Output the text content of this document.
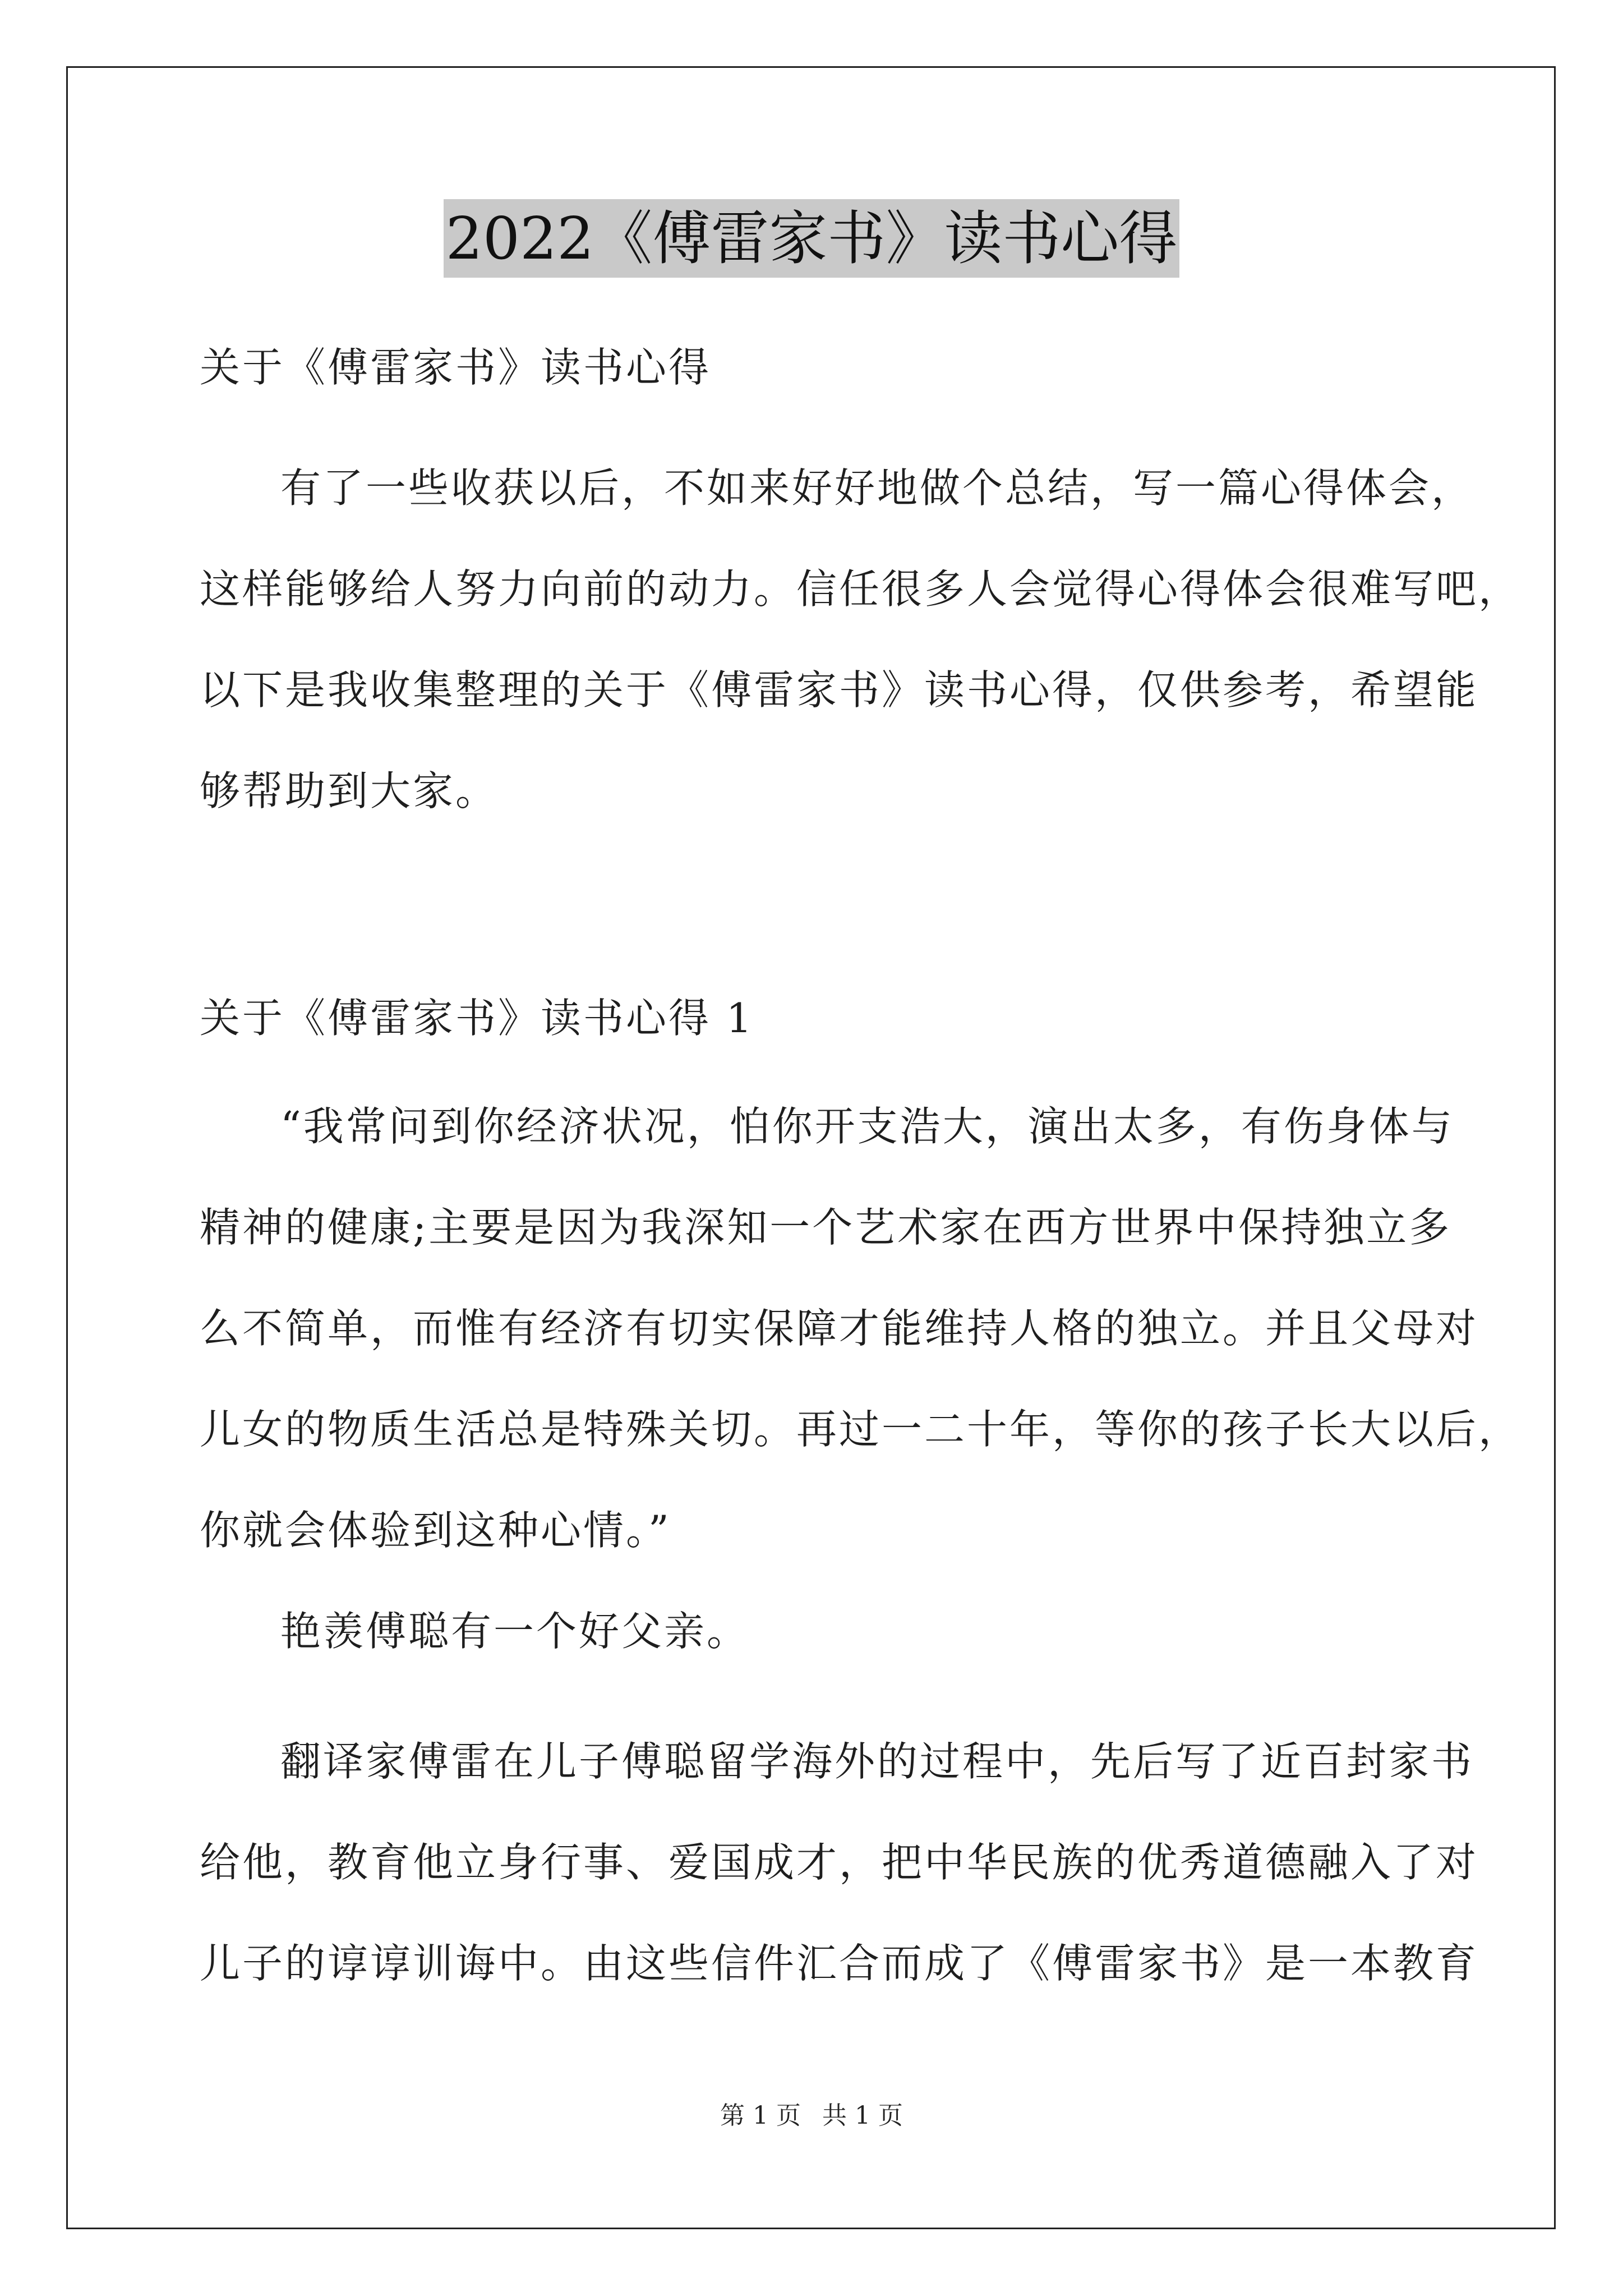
2022《傅雷家书》读书心得
关于《傅雷家书》读书心得
有了一些收获以后，不如来好好地做个总结，写一篇心得体会，
这样能够给人努力向前的动力。信任很多人会觉得心得体会很难写吧，
以下是我收集整理的关于《傅雷家书》读书心得，仅供参考，希望能
够帮助到大家。
关于《傅雷家书》读书心得 1
“我常问到你经济状况，怕你开支浩大，演出太多，有伤身体与
精神的健康;主要是因为我深知一个艺术家在西方世界中保持独立多
么不简单，而惟有经济有切实保障才能维持人格的独立。并且父母对
儿女的物质生活总是特殊关切。再过一二十年，等你的孩子长大以后，
你就会体验到这种心情。”
艳羡傅聪有一个好父亲。
翻译家傅雷在儿子傅聪留学海外的过程中，先后写了近百封家书
给他，教育他立身行事、爱国成才，把中华民族的优秀道德融入了对
儿子的谆谆训诲中。由这些信件汇合而成了《傅雷家书》是一本教育
第 1 页 共 1 页
